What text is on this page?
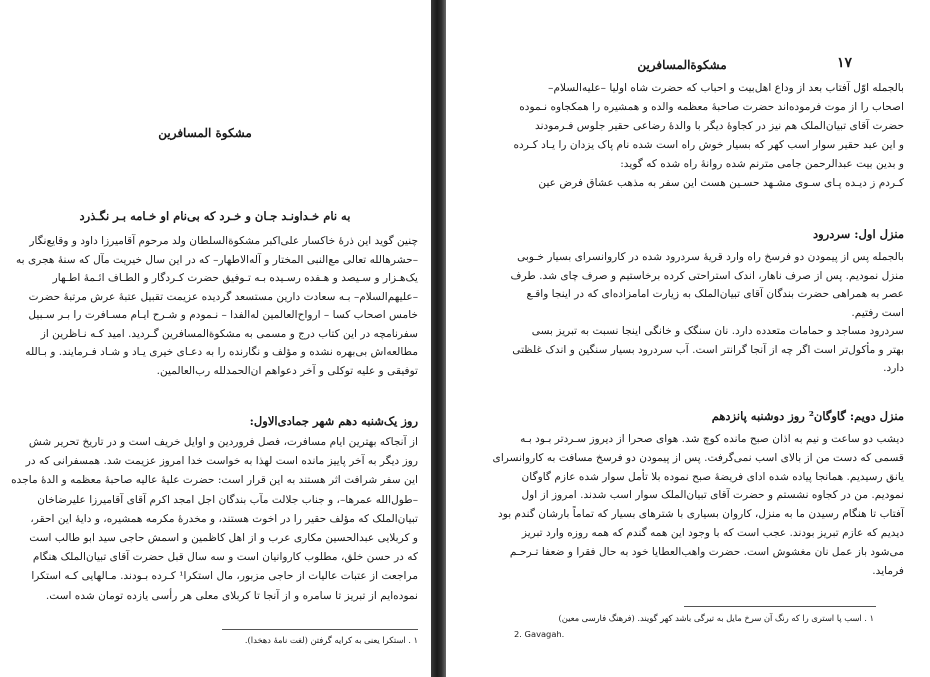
مشکوة المسافرین
به نام خـداونـد جـان و خـرد که بی‌نام او خـامه بـر نگـذرد
چنین گوید این ذرهٔ خاکسار علی‌اکبر مشکوة‌السلطان ولد مرحوم آقامیرزا داود و وقایع‌نگار
–حشرهالله تعالی مع‌النبی المختار و آله‌الاطهار– که در این سال خیریت مآل که سنهٔ هجری به
یک‌هـزار و سـیصد و هـفده رسـیده بـه تـوفیق حضرت کـردگار و الطـاف ائـمهٔ اطـهار
–علیهم‌السلام– بـه سعادت دارین مستسعد گردیده عزیمت تقبیل عتبهٔ عرش مرتبهٔ حضرت
خامس اصحاب کسا – ارواح‌العالمین له‌الفدا – نـمودم و شـرح ایـام مسـافرت را بـر سـبیل
سفرنامچه در این کتاب درج و مسمی به مشکوة‌المسافرین گـردید. امید کـه نـاظرین از
مطالعه‌اش بی‌بهره نشده و مؤلف و نگارنده را به دعـای خیری یـاد و شـاد فـرمایند. و بـالله
توفیقی و علیه توکلی و آخر دعواهم ان‌الحمدلله رب‌العالمین.
روز یک‌شنبه دهم شهر جمادی‌الاول:
از آنجاکه بهترین ایام مسافرت، فصل فروردین و اوایل خریف است و در تاریخ تحریر شش
روز دیگر به آخر پاییز مانده است لهذا به خواست خدا امروز عزیمت شد. همسفرانی که در
این سفر شرافت اثر هستند به این قرار است: حضرت علیهٔ عالیه صاحبهٔ معظمه و الدهٔ ماجده
–طول‌الله عمرها–، و جناب جلالت مآب بندگان اجل امجد اکرم آقای آقامیرزا علیرضاخان
تبیان‌الملک که مؤلف حقیر را در اخوت هستند، و مخدرهٔ مکرمه همشیره، و دایهٔ این احقر،
و کربلایی عبدالحسین مکاری عرب و از اهل کاظمین و اسمش حاجی سید ابو طالب است
که در حسن خلق، مطلوب کاروانیان است و سه سال قبل حضرت آقای تبیان‌الملک هنگام
مراجعت از عتبات عالیات از حاجی مزبور، مال استکرا¹ کـرده بـودند. مـالهایی کـه استکرا
نموده‌ایم از تبریز تا سامره و از آنجا تا کربلای معلی هر رأسی یازده تومان شده است.
۱ . استکرا یعنی به کرایه گرفتن (لغت نامهٔ دهخدا).
مشکوة‌المسافرین	۱۷
بالجمله اوّل آفتاب بعد از وداع اهل‌بیت و احباب که حضرت شاه اولیا –علیه‌السلام–
اصحاب را از موت فرموده‌اند حضرت صاحبهٔ معظمه والده و همشیره را همکجاوه نـموده
حضرت آقای تبیان‌الملک هم نیز در کجاوهٔ دیگر با والدهٔ رضاعی حقیر جلوس فـرمودند
و این عبد حقیر سوار اسب کهر که بسیار خوش راه است شده نام پاک یزدان را یـاد کـرده
و بدین بیت عبدالرحمن جامی مترنم شده روانهٔ راه شده که گوید:
کـردم ز دیـده پـای سـوی مشـهد حسـین هست این سفر به مذهب عشاق فرض عین
منزل اول: سردرود
بالجمله پس از پیمودن دو فرسخ راه وارد قریهٔ سردرود شده در کاروانسرای بسیار خـوبی
منزل نمودیم. پس از صرف ناهار، اندک استراحتی کرده برخاستیم و صرف چای شد. طرف
عصر به همراهی حضرت بندگان آقای تبیان‌الملک به زیارت امامزاده‌ای که در اینجا واقـع
است رفتیم.
سردرود مساجد و حمامات متعدده دارد. نان سنگک و خانگی اینجا نسبت به تبریز بسی
بهتر و مأکول‌تر است اگر چه از آنجا گرانتر است. آب سردرود بسیار سنگین و اندک غلظتی
دارد.
منزل دویم: گاوگان² روز دوشنبه پانزدهم
دیشب دو ساعت و نیم به اذان صبح مانده کوچ شد. هوای صحرا از دیروز سـردتر بـود بـه
قسمی که دست من از بالای اسب نمی‌گرفت. پس از پیمودن دو فرسخ مسافت به کاروانسرای
یانق رسیدیم. همانجا پیاده شده ادای فریضهٔ صبح نموده بلا تأمل سوار شده عازم گاوگان
نمودیم. من در کجاوه نشستم و حضرت آقای تبیان‌الملک سوار اسب شدند. امروز از اول
آفتاب تا هنگام رسیدن ما به منزل، کاروان بسیاری با شترهای بسیار که تماماً بارشان گندم بود
دیدیم که عازم تبریز بودند. عجب است که با وجود این همه گندم که همه روزه وارد تبریز
می‌شود باز عمل نان مغشوش است. حضرت واهب‌العطایا خود به حال فقرا و ضعفا تـرحـم
فرماید.
۱ . اسب پا استری را که رنگ آن سرخ مایل به تیرگی باشد کهر گویند. (فرهنگ فارسی معین)
2. Gavagah.
